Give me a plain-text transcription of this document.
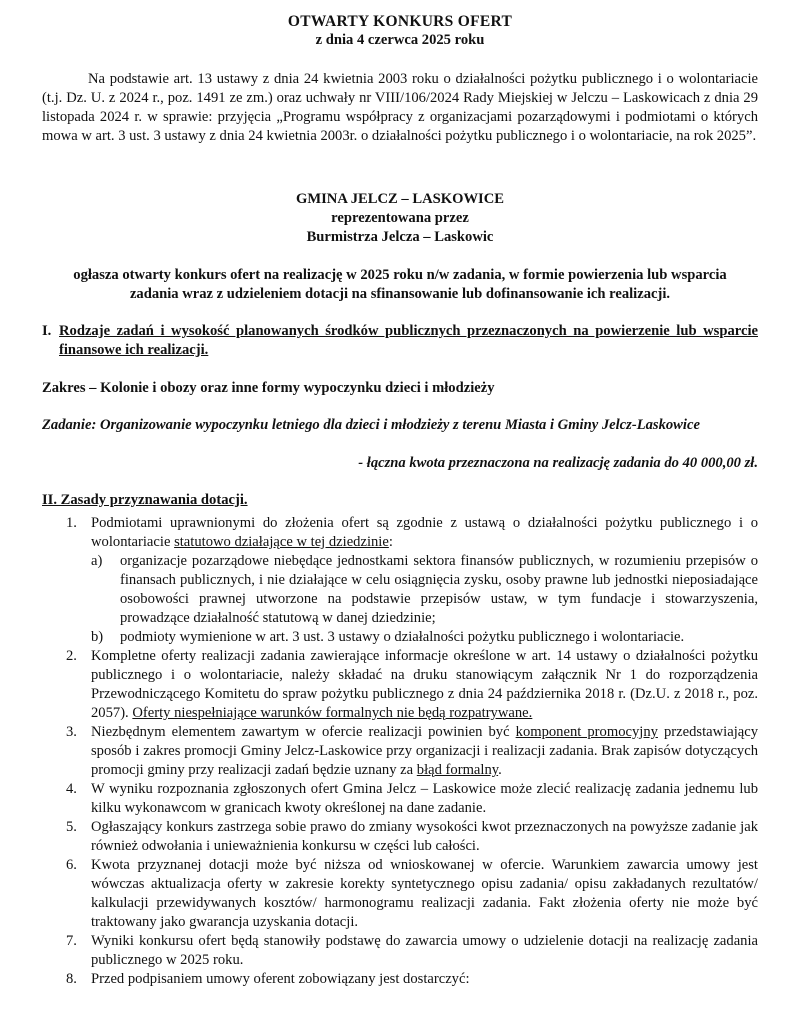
OTWARTY KONKURS OFERT
z dnia 4 czerwca 2025 roku
Na podstawie art. 13 ustawy z dnia 24 kwietnia 2003 roku o działalności pożytku publicznego i o wolontariacie (t.j. Dz. U. z 2024 r., poz. 1491 ze zm.) oraz uchwały nr VIII/106/2024 Rady Miejskiej w Jelczu – Laskowicach z dnia 29 listopada 2024 r. w sprawie: przyjęcia „Programu współpracy z organizacjami pozarządowymi i podmiotami o których mowa w art. 3 ust. 3 ustawy z dnia 24 kwietnia 2003r. o działalności pożytku publicznego i o wolontariacie, na rok 2025”.
GMINA JELCZ – LASKOWICE
reprezentowana przez
Burmistrza Jelcza – Laskowic
ogłasza otwarty konkurs ofert na realizację w 2025 roku n/w zadania, w formie powierzenia lub wsparcia zadania wraz z udzieleniem dotacji na sfinansowanie lub dofinansowanie ich realizacji.
I. Rodzaje zadań i wysokość planowanych środków publicznych przeznaczonych na powierzenie lub wsparcie finansowe ich realizacji.
Zakres – Kolonie i obozy oraz inne formy wypoczynku dzieci i młodzieży
Zadanie: Organizowanie wypoczynku letniego dla dzieci i młodzieży z terenu Miasta i Gminy Jelcz-Laskowice
- łączna kwota przeznaczona na realizację zadania do 40 000,00 zł.
II. Zasady przyznawania dotacji.
1. Podmiotami uprawnionymi do złożenia ofert są zgodnie z ustawą o działalności pożytku publicznego i o wolontariacie statutowo działające w tej dziedzinie:
a) organizacje pozarządowe niebędące jednostkami sektora finansów publicznych, w rozumieniu przepisów o finansach publicznych, i nie działające w celu osiągnięcia zysku, osoby prawne lub jednostki nieposiadające osobowości prawnej utworzone na podstawie przepisów ustaw, w tym fundacje i stowarzyszenia, prowadzące działalność statutową w danej dziedzinie;
b) podmioty wymienione w art. 3 ust. 3 ustawy o działalności pożytku publicznego i wolontariacie.
2. Kompletne oferty realizacji zadania zawierające informacje określone w art. 14 ustawy o działalności pożytku publicznego i o wolontariacie, należy składać na druku stanowiącym załącznik Nr 1 do rozporządzenia Przewodniczącego Komitetu do spraw pożytku publicznego z dnia 24 października 2018 r. (Dz.U. z 2018 r., poz. 2057). Oferty niespełniające warunków formalnych nie będą rozpatrywane.
3. Niezbędnym elementem zawartym w ofercie realizacji powinien być komponent promocyjny przedstawiający sposób i zakres promocji Gminy Jelcz-Laskowice przy organizacji i realizacji zadania. Brak zapisów dotyczących promocji gminy przy realizacji zadań będzie uznany za błąd formalny.
4. W wyniku rozpoznania zgłoszonych ofert Gmina Jelcz – Laskowice może zlecić realizację zadania jednemu lub kilku wykonawcom w granicach kwoty określonej na dane zadanie.
5. Ogłaszający konkurs zastrzega sobie prawo do zmiany wysokości kwot przeznaczonych na powyższe zadanie jak również odwołania i unieważnienia konkursu w części lub całości.
6. Kwota przyznanej dotacji może być niższa od wnioskowanej w ofercie. Warunkiem zawarcia umowy jest wówczas aktualizacja oferty w zakresie korekty syntetycznego opisu zadania/ opisu zakładanych rezultatów/ kalkulacji przewidywanych kosztów/ harmonogramu realizacji zadania. Fakt złożenia oferty nie może być traktowany jako gwarancja uzyskania dotacji.
7. Wyniki konkursu ofert będą stanowiły podstawę do zawarcia umowy o udzielenie dotacji na realizację zadania publicznego w 2025 roku.
8. Przed podpisaniem umowy oferent zobowiązany jest dostarczyć:
